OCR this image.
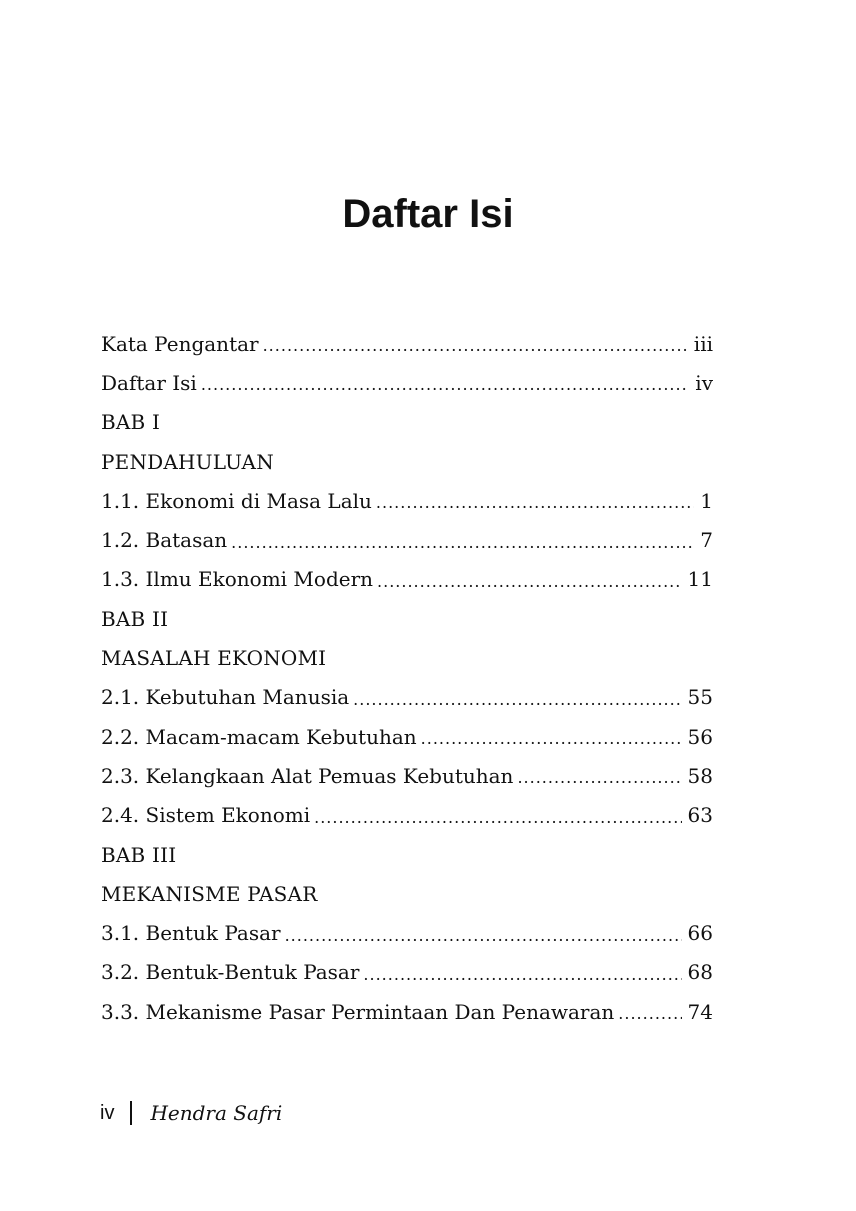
Daftar Isi
Kata Pengantar .....	iii
Daftar Isi .....	iv
BAB I
PENDAHULUAN
1.1. Ekonomi di Masa Lalu .....	1
1.2. Batasan .....	7
1.3. Ilmu Ekonomi Modern .....	11
BAB II
MASALAH EKONOMI
2.1. Kebutuhan Manusia .....	55
2.2. Macam-macam Kebutuhan .....	56
2.3. Kelangkaan Alat Pemuas Kebutuhan .....	58
2.4. Sistem Ekonomi .....	63
BAB III
MEKANISME PASAR
3.1. Bentuk Pasar .....	66
3.2. Bentuk-Bentuk Pasar .....	68
3.3. Mekanisme Pasar Permintaan Dan Penawaran .....	74
iv Hendra Safri
